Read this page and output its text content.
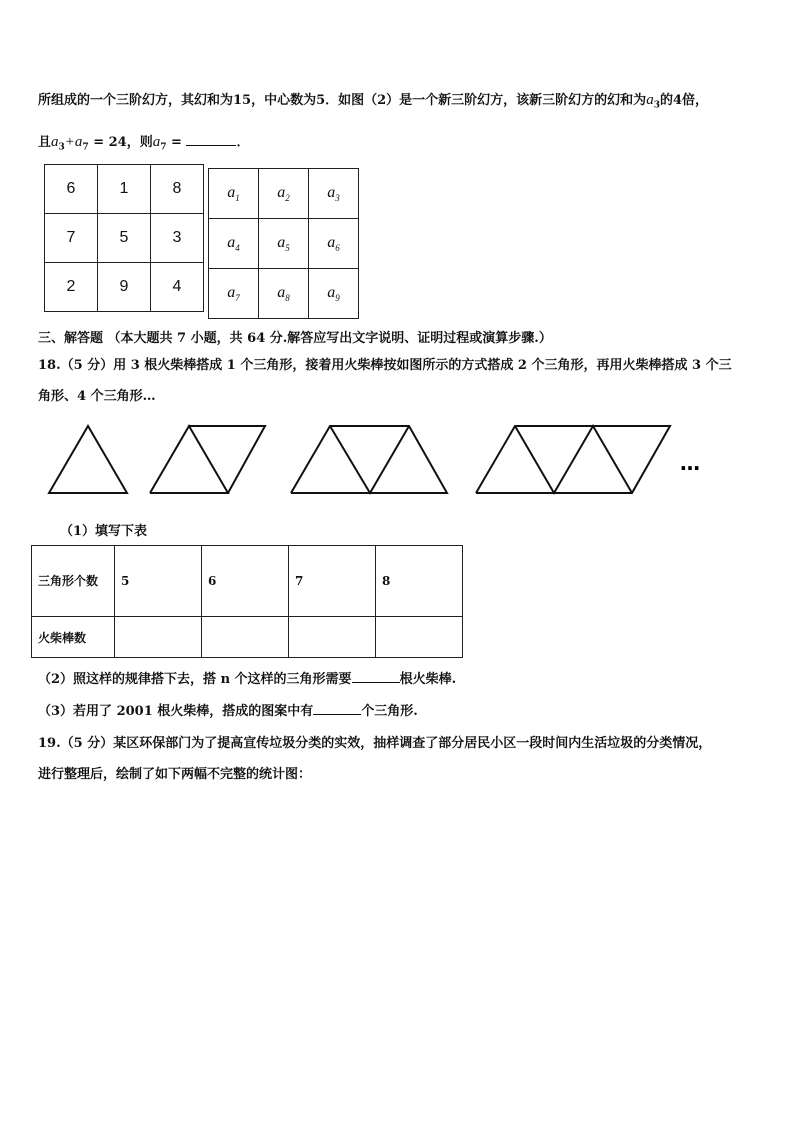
所组成的一个三阶幻方，其幻和为15，中心数为5．如图（2）是一个新三阶幻方，该新三阶幻方的幻和为$a_3$的4倍，
且$a_3+a_7 = 24$，则$a_7$ =	．
6	1	8
7	5	3
2	9	4
$a_1$	$a_2$	$a_3$
$a_4$	$a_5$	$a_6$
$a_7$	$a_8$	$a_9$
三、解答题 （本大题共 7 小题，共 64 分.解答应写出文字说明、证明过程或演算步骤.）
18.（5 分）用 3 根火柴棒搭成 1 个三角形，接着用火柴棒按如图所示的方式搭成 2 个三角形，再用火柴棒搭成 3 个三
角形、4 个三角形…
…
（1）填写下表
三角形个数	5	6	7	8
火柴棒数				
（2）照这样的规律搭下去，搭 n 个这样的三角形需要	根火柴棒.
（3）若用了 2001 根火柴棒，搭成的图案中有	个三角形.
19.（5 分）某区环保部门为了提高宣传垃圾分类的实效，抽样调查了部分居民小区一段时间内生活垃圾的分类情况，
进行整理后，绘制了如下两幅不完整的统计图：
